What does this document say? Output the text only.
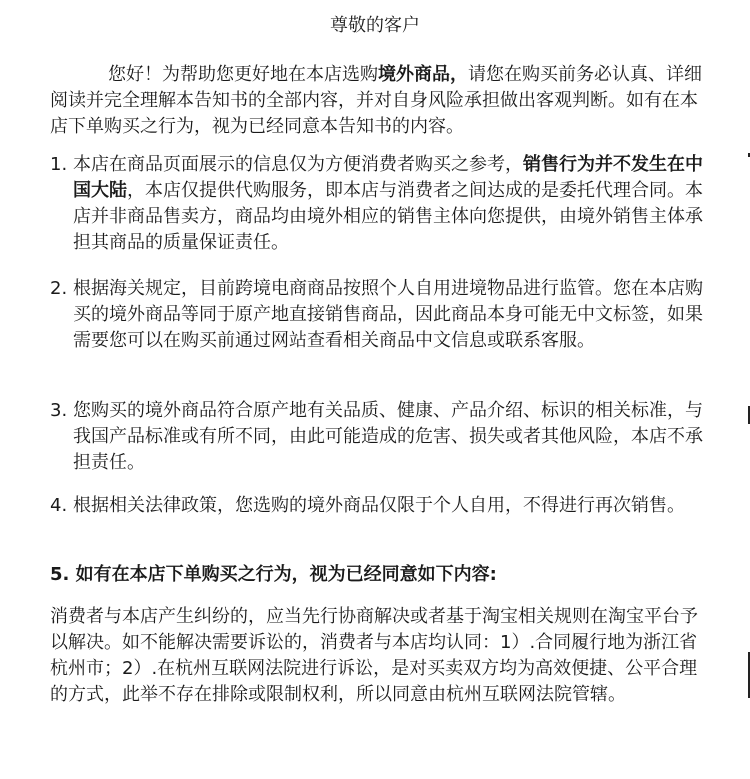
尊敬的客户
您好！为帮助您更好地在本店选购境外商品，请您在购买前务必认真、详细阅读并完全理解本告知书的全部内容，并对自身风险承担做出客观判断。如有在本店下单购买之行为，视为已经同意本告知书的内容。
1. 本店在商品页面展示的信息仅为方便消费者购买之参考，销售行为并不发生在中国大陆，本店仅提供代购服务，即本店与消费者之间达成的是委托代理合同。本店并非商品售卖方，商品均由境外相应的销售主体向您提供，由境外销售主体承担其商品的质量保证责任。
2. 根据海关规定，目前跨境电商商品按照个人自用进境物品进行监管。您在本店购买的境外商品等同于原产地直接销售商品，因此商品本身可能无中文标签，如果需要您可以在购买前通过网站查看相关商品中文信息或联系客服。
3. 您购买的境外商品符合原产地有关品质、健康、产品介绍、标识的相关标准，与我国产品标准或有所不同，由此可能造成的危害、损失或者其他风险，本店不承担责任。
4. 根据相关法律政策，您选购的境外商品仅限于个人自用，不得进行再次销售。
5. 如有在本店下单购买之行为，视为已经同意如下内容:
消费者与本店产生纠纷的，应当先行协商解决或者基于淘宝相关规则在淘宝平台予以解决。如不能解决需要诉讼的，消费者与本店均认同：1）.合同履行地为浙江省杭州市；2）.在杭州互联网法院进行诉讼，是对买卖双方均为高效便捷、公平合理的方式，此举不存在排除或限制权利，所以同意由杭州互联网法院管辖。
